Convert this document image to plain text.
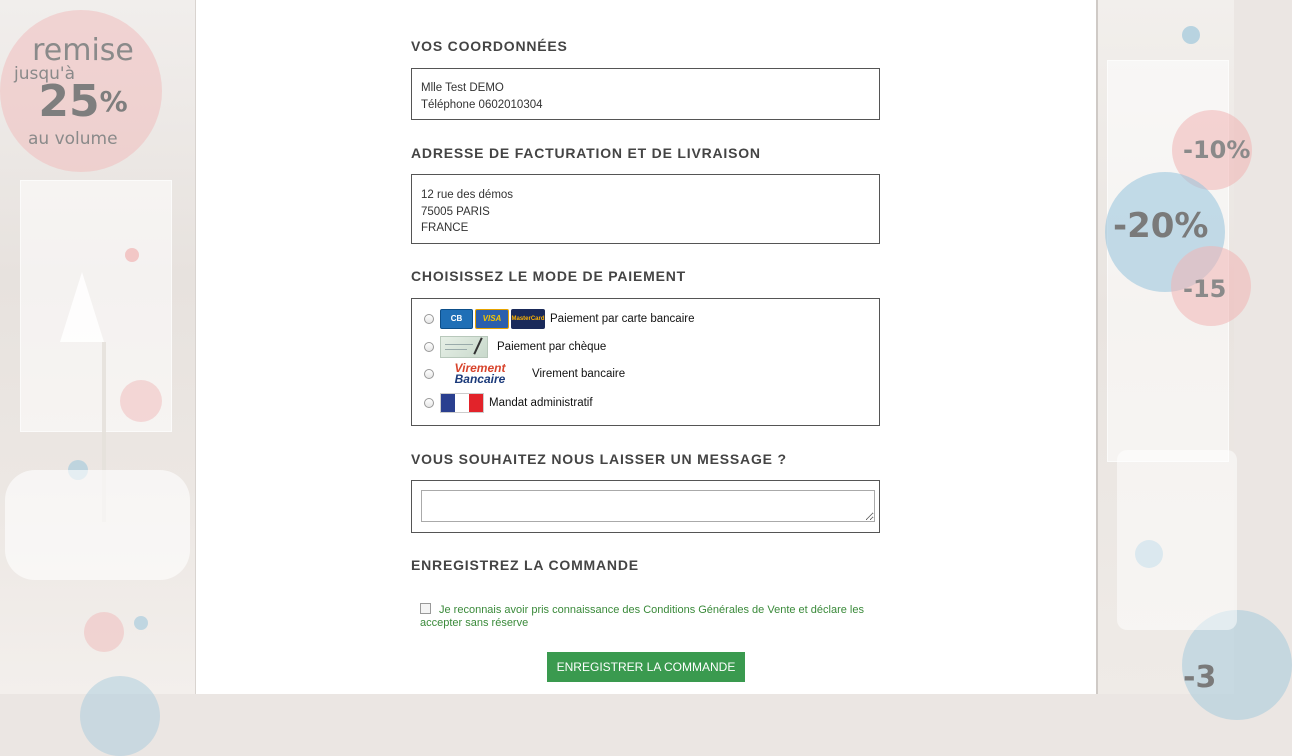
remise
jusqu'à
25%
au volume	-10%
-20%
-15
-3
VOS COORDONNÉES
Mlle Test DEMO
Téléphone 0602010304
ADRESSE DE FACTURATION ET DE LIVRAISON
12 rue des démos
75005 PARIS
FRANCE
CHOISISSEZ LE MODE DE PAIEMENT
CB	VISA	MasterCard Paiement par carte bancaire
Paiement par chèque
Virement
Bancaire	Virement bancaire
Mandat administratif
VOUS SOUHAITEZ NOUS LAISSER UN MESSAGE ?
ENREGISTREZ LA COMMANDE
Je reconnais avoir pris connaissance des Conditions Générales de Vente et déclare les accepter sans réserve
ENREGISTRER LA COMMANDE
